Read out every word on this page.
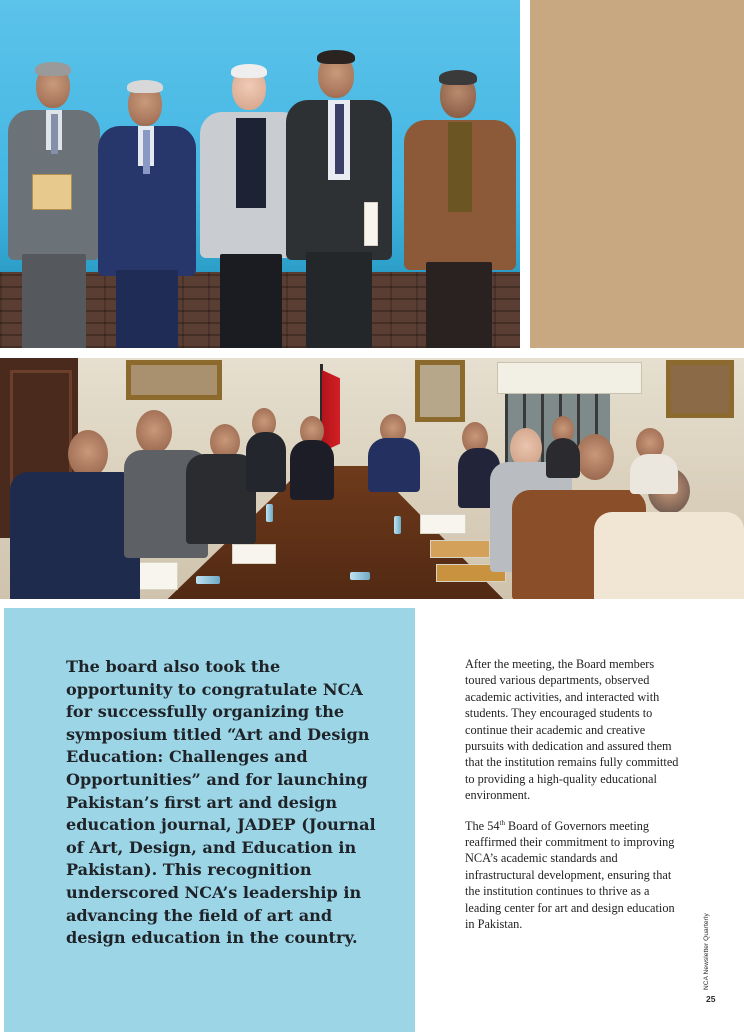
The board also took the opportunity to congratulate NCA for successfully organizing the symposium titled “Art and Design Education: Challenges and Opportunities” and for launching Pakistan’s first art and design education journal, JADEP (Journal of Art, Design, and Education in Pakistan). This recognition underscored NCA’s leadership in advancing the field of art and design education in the country.

After the meeting, the Board members toured various departments, observed academic activities, and interacted with students. They encouraged students to continue their academic and creative pursuits with dedication and assured them that the institution remains fully committed to providing a high-quality educational environment.

The 54th Board of Governors meeting reaffirmed their commitment to improving NCA’s academic standards and infrastructural development, ensuring that the institution continues to thrive as a leading center for art and design education in Pakistan.	NCA Newsletter Quarterly
25
